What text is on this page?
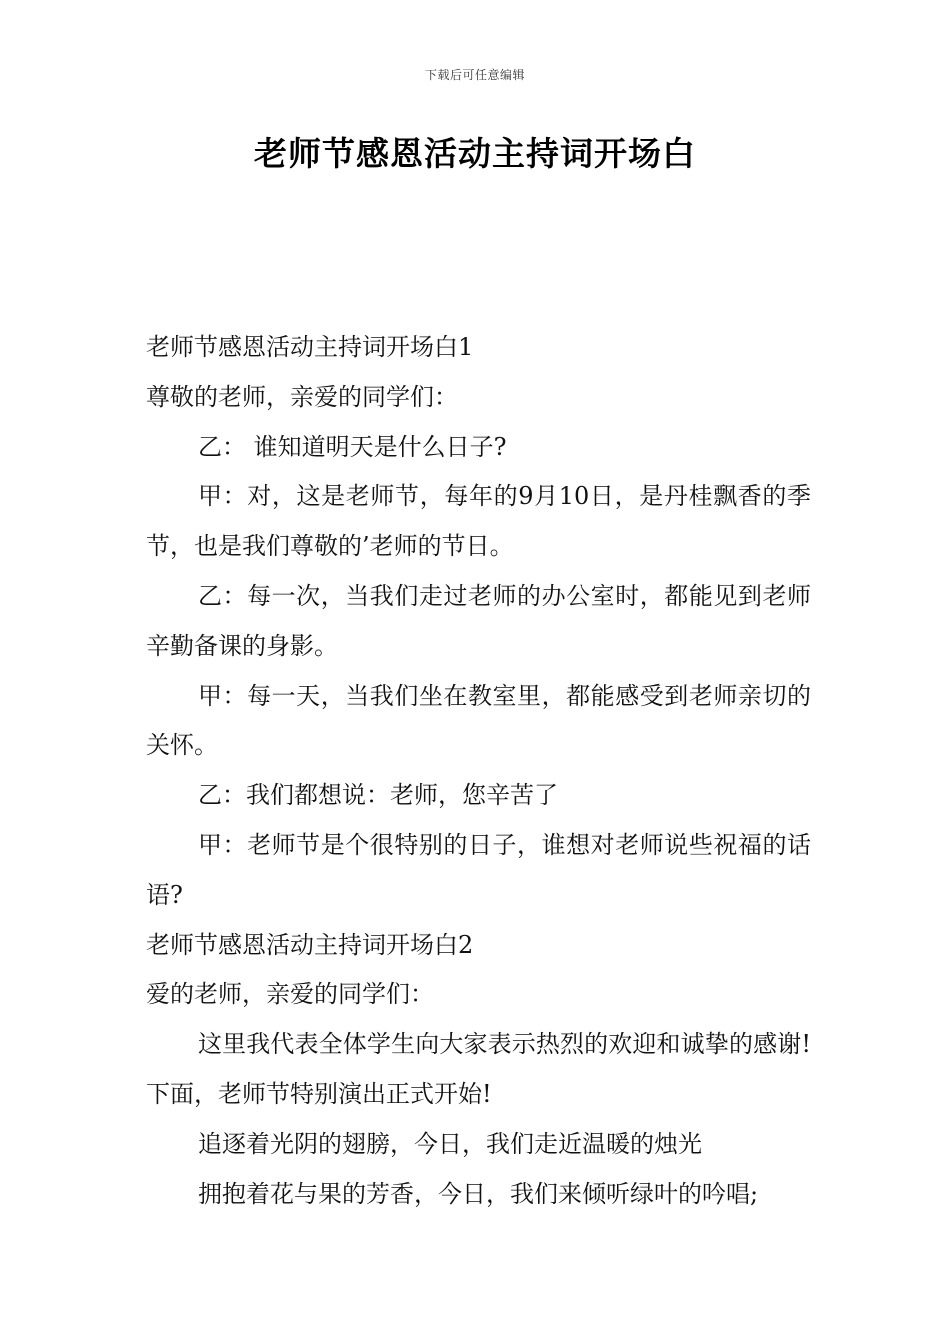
下载后可任意编辑
老师节感恩活动主持词开场白

老师节感恩活动主持词开场白1

尊敬的老师，亲爱的同学们：

乙： 谁知道明天是什么日子?

甲：对，这是老师节，每年的9月10日，是丹桂飘香的季节，也是我们尊敬的’老师的节日。

乙：每一次，当我们走过老师的办公室时，都能见到老师辛勤备课的身影。

甲：每一天，当我们坐在教室里，都能感受到老师亲切的关怀。

乙：我们都想说：老师，您辛苦了

甲：老师节是个很特别的日子，谁想对老师说些祝福的话语?

老师节感恩活动主持词开场白2

爱的老师，亲爱的同学们：

这里我代表全体学生向大家表示热烈的欢迎和诚挚的感谢!下面，老师节特别演出正式开始!

追逐着光阴的翅膀，今日，我们走近温暖的烛光

拥抱着花与果的芳香，今日，我们来倾听绿叶的吟唱;
